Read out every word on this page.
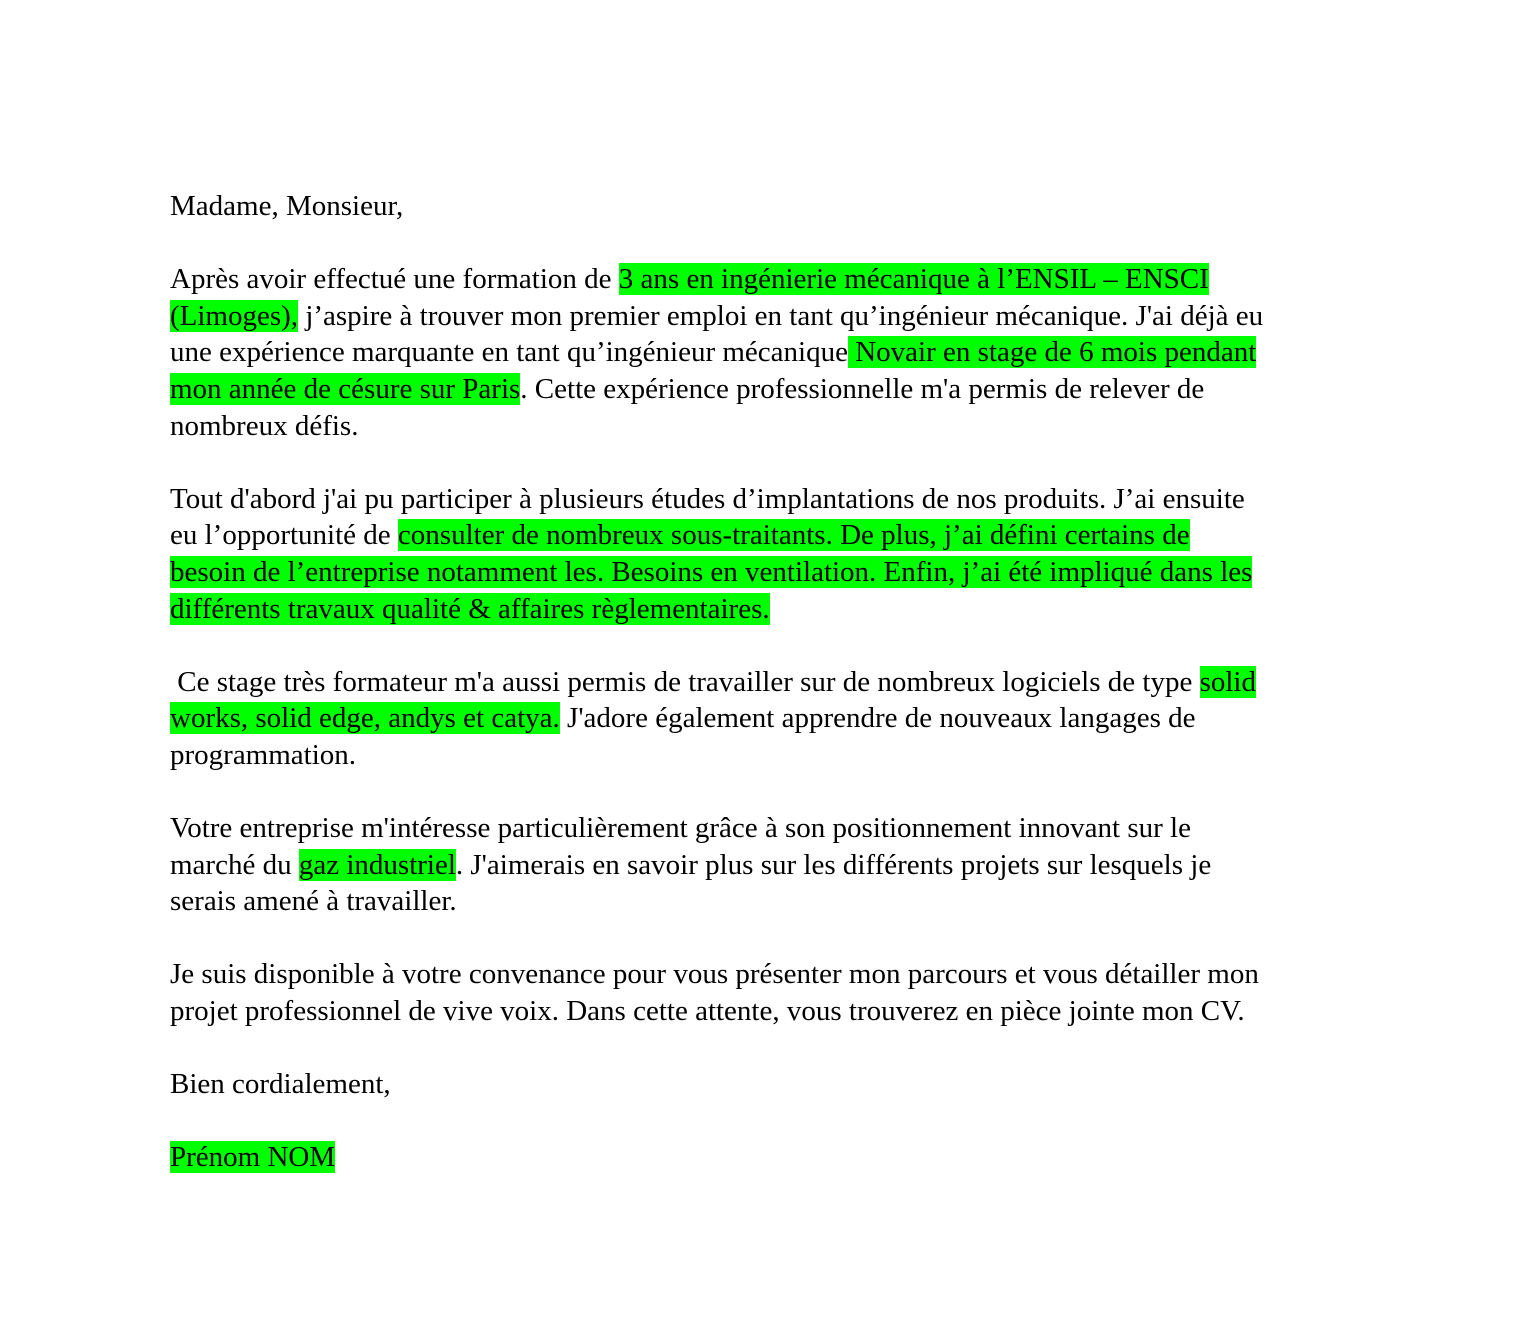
Madame, Monsieur,

Après avoir effectué une formation de 3 ans en ingénierie mécanique à l’ENSIL – ENSCI
(Limoges), j’aspire à trouver mon premier emploi en tant qu’ingénieur mécanique. J'ai déjà eu
une expérience marquante en tant qu’ingénieur mécanique Novair en stage de 6 mois pendant
mon année de césure sur Paris. Cette expérience professionnelle m'a permis de relever de
nombreux défis.

Tout d'abord j'ai pu participer à plusieurs études d’implantations de nos produits. J’ai ensuite
eu l’opportunité de consulter de nombreux sous-traitants. De plus, j’ai défini certains de
besoin de l’entreprise notamment les. Besoins en ventilation. Enfin, j’ai été impliqué dans les
différents travaux qualité & affaires règlementaires.

Ce stage très formateur m'a aussi permis de travailler sur de nombreux logiciels de type solid
works, solid edge, andys et catya. J'adore également apprendre de nouveaux langages de
programmation.

Votre entreprise m'intéresse particulièrement grâce à son positionnement innovant sur le
marché du gaz industriel. J'aimerais en savoir plus sur les différents projets sur lesquels je
serais amené à travailler.

Je suis disponible à votre convenance pour vous présenter mon parcours et vous détailler mon
projet professionnel de vive voix. Dans cette attente, vous trouverez en pièce jointe mon CV.

Bien cordialement,

Prénom NOM
